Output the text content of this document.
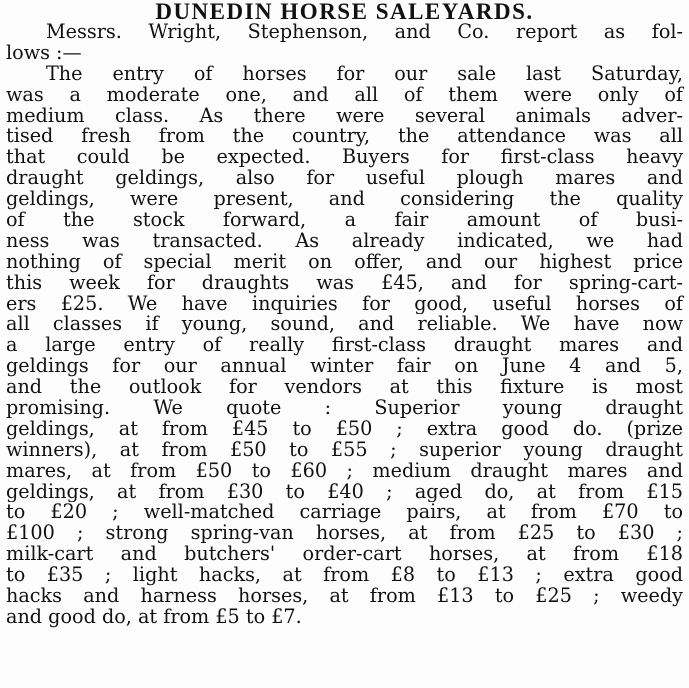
DUNEDIN HORSE SALEYARDS.
Messrs. Wright, Stephenson, and Co. report as fol-
lows :—
The entry of horses for our sale last Saturday,
was a moderate one, and all of them were only of
medium class. As there were several animals adver-
tised fresh from the country, the attendance was all
that could be expected. Buyers for first-class heavy
draught geldings, also for useful plough mares and
geldings, were present, and considering the quality
of the stock forward, a fair amount of busi-
ness was transacted. As already indicated, we had
nothing of special merit on offer, and our highest price
this week for draughts was £45, and for spring-cart-
ers £25. We have inquiries for good, useful horses of
all classes if young, sound, and reliable. We have now
a large entry of really first-class draught mares and
geldings for our annual winter fair on June 4 and 5,
and the outlook for vendors at this fixture is most
promising. We quote : Superior young draught
geldings, at from £45 to £50 ; extra good do. (prize
winners), at from £50 to £55 ; superior young draught
mares, at from £50 to £60 ; medium draught mares and
geldings, at from £30 to £40 ; aged do, at from £15
to £20 ; well-matched carriage pairs, at from £70 to
£100 ; strong spring-van horses, at from £25 to £30 ;
milk-cart and butchers' order-cart horses, at from £18
to £35 ; light hacks, at from £8 to £13 ; extra good
hacks and harness horses, at from £13 to £25 ; weedy
and good do, at from £5 to £7.
